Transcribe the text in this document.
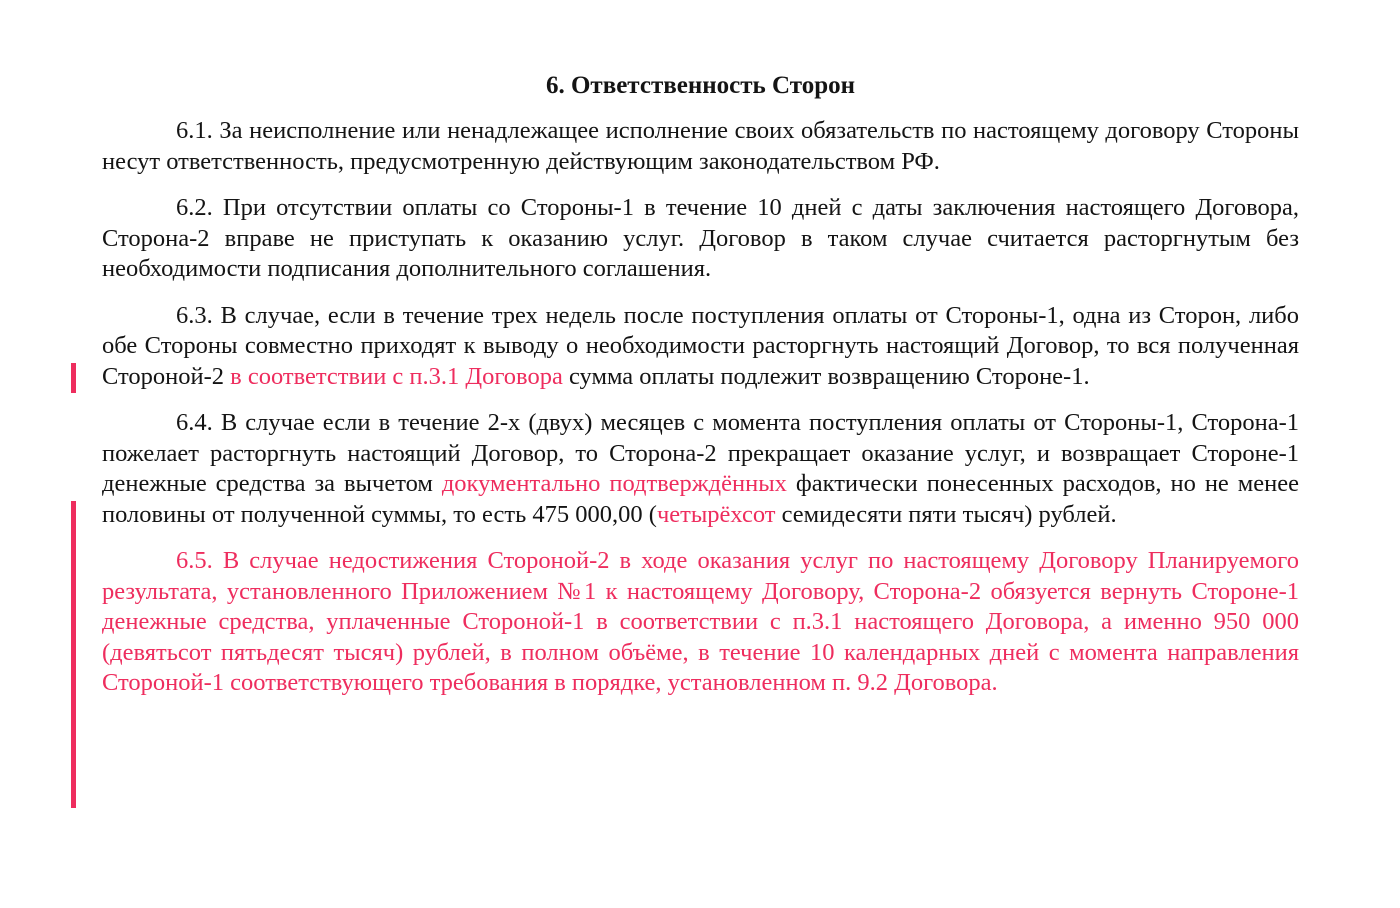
6. Ответственность Сторон

6.1. За неисполнение или ненадлежащее исполнение своих обязательств по настоящему договору Стороны несут ответственность, предусмотренную действующим законодательством РФ.

6.2. При отсутствии оплаты со Стороны-1 в течение 10 дней с даты заключения настоящего Договора, Сторона-2 вправе не приступать к оказанию услуг. Договор в таком случае считается расторгнутым без необходимости подписания дополнительного соглашения.

6.3. В случае, если в течение трех недель после поступления оплаты от Стороны-1, одна из Сторон, либо обе Стороны совместно приходят к выводу о необходимости расторгнуть настоящий Договор, то вся полученная Стороной-2 в соответствии с п.3.1 Договора сумма оплаты подлежит возвращению Стороне-1.

6.4. В случае если в течение 2-х (двух) месяцев с момента поступления оплаты от Стороны-1, Сторона-1 пожелает расторгнуть настоящий Договор, то Сторона-2 прекращает оказание услуг, и возвращает Стороне-1 денежные средства за вычетом документально подтверждённых фактически понесенных расходов, но не менее половины от полученной суммы, то есть 475 000,00 (четырёхсот семидесяти пяти тысяч) рублей.

6.5. В случае недостижения Стороной-2 в ходе оказания услуг по настоящему Договору Планируемого результата, установленного Приложением №1 к настоящему Договору, Сторона-2 обязуется вернуть Стороне-1 денежные средства, уплаченные Стороной-1 в соответствии с п.3.1 настоящего Договора, а именно 950 000 (девятьсот пятьдесят тысяч) рублей, в полном объёме, в течение 10 календарных дней с момента направления Стороной-1 соответствующего требования в порядке, установленном п. 9.2 Договора.
